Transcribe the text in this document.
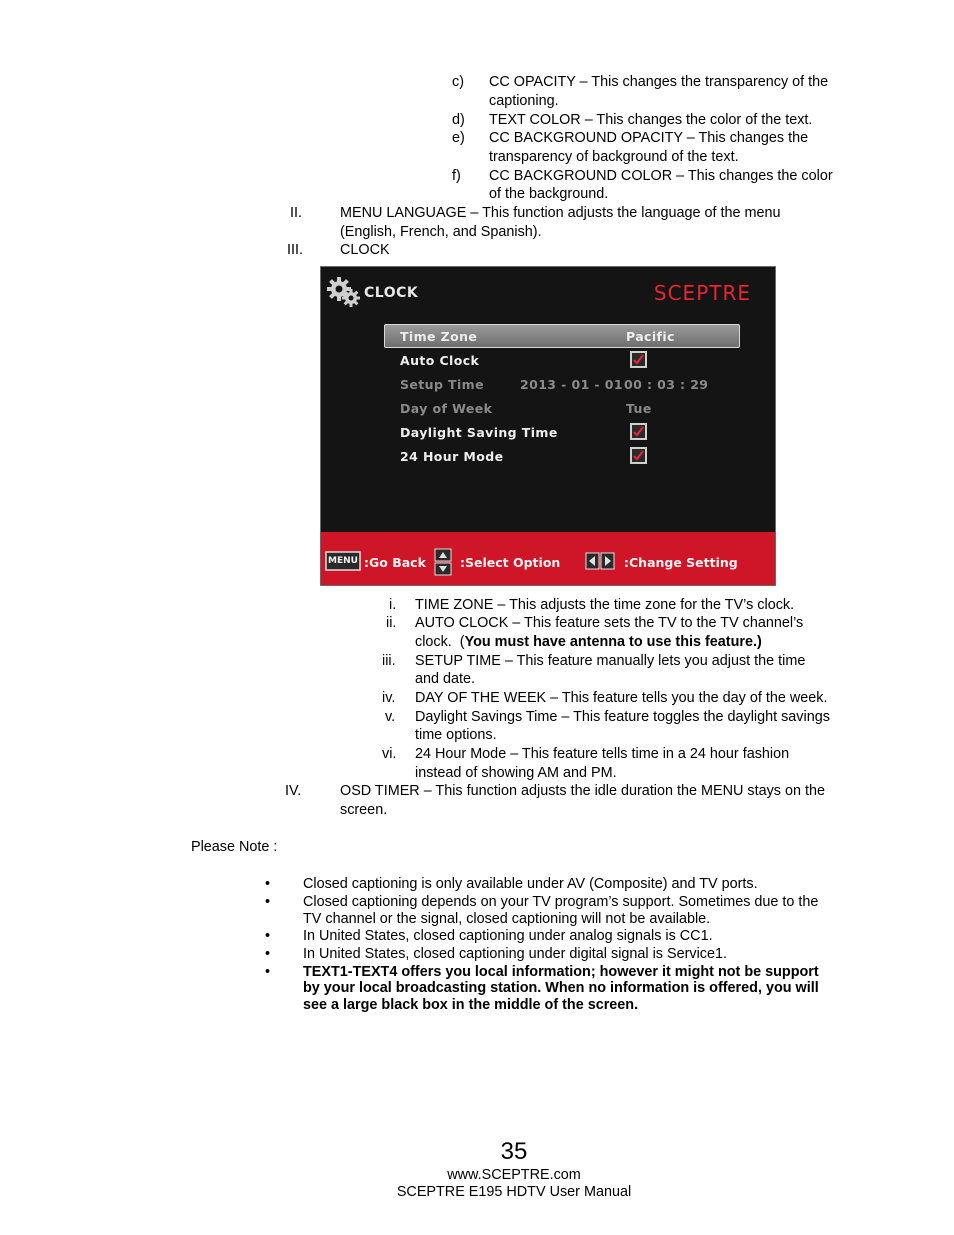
c) CC OPACITY – This changes the transparency of the
captioning.
d) TEXT COLOR – This changes the color of the text.
e) CC BACKGROUND OPACITY – This changes the
transparency of background of the text.
f) CC BACKGROUND COLOR – This changes the color
of the background.
II.	MENU LANGUAGE – This function adjusts the language of the menu
(English, French, and Spanish).
III.	CLOCK
CLOCK	SCEPTRE
Time Zone	Pacific
Auto Clock
Setup Time	2013 - 01 - 01 00 : 03 : 29
Day of Week	Tue
Daylight Saving Time
24 Hour Mode
MENU :Go Back	:Select Option	:Change Setting
i. TIME ZONE – This adjusts the time zone for the TV’s clock.
ii. AUTO CLOCK – This feature sets the TV to the TV channel’s
clock.  (You must have antenna to use this feature.)
iii. SETUP TIME – This feature manually lets you adjust the time
and date.
iv. DAY OF THE WEEK – This feature tells you the day of the week.
v. Daylight Savings Time – This feature toggles the daylight savings
time options.
vi. 24 Hour Mode – This feature tells time in a 24 hour fashion
instead of showing AM and PM.
IV.	OSD TIMER – This function adjusts the idle duration the MENU stays on the
screen.
Please Note :
• Closed captioning is only available under AV (Composite) and TV ports.
• Closed captioning depends on your TV program’s support. Sometimes due to the
TV channel or the signal, closed captioning will not be available.
• In United States, closed captioning under analog signals is CC1.
• In United States, closed captioning under digital signal is Service1.
• TEXT1-TEXT4 offers you local information; however it might not be support
by your local broadcasting station. When no information is offered, you will
see a large black box in the middle of the screen.
35
www.SCEPTRE.com
SCEPTRE E195 HDTV User Manual
